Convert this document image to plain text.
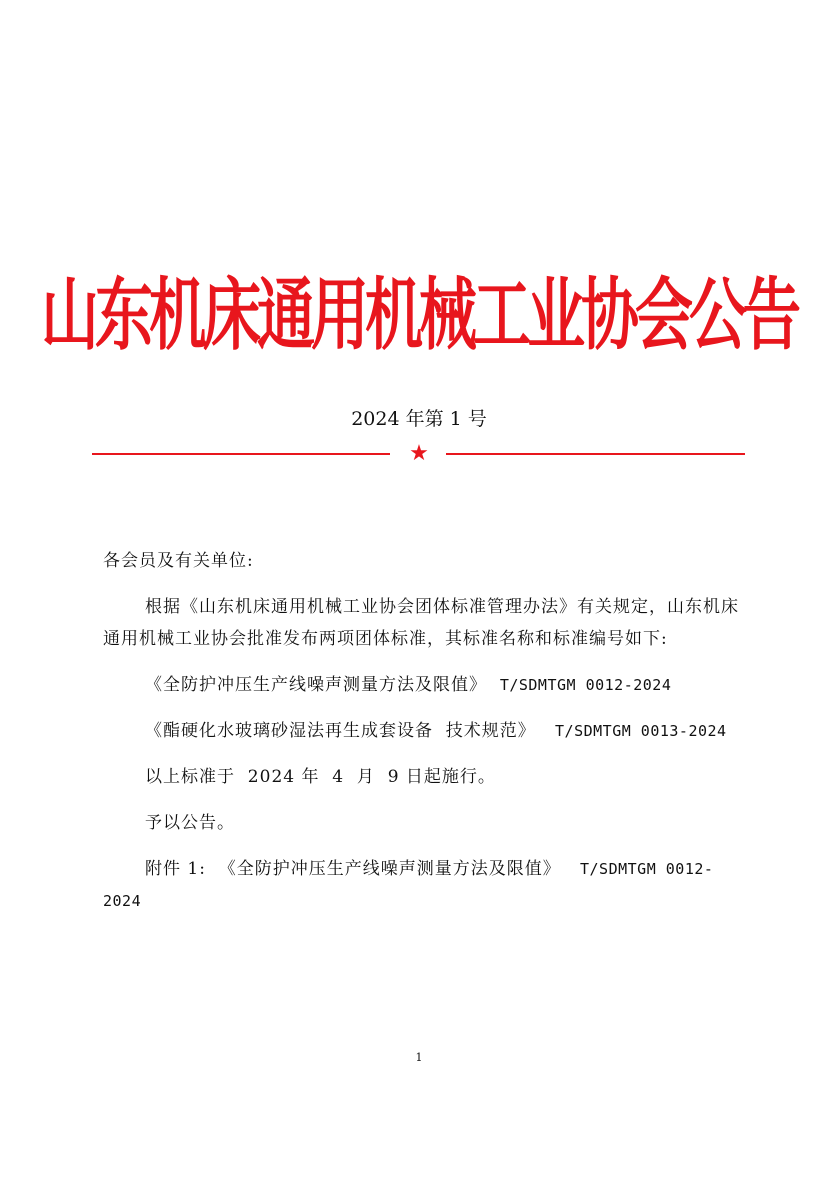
山东机床通用机械工业协会公告
2024 年第 1 号
★

各会员及有关单位:

根据《山东机床通用机械工业协会团体标准管理办法》有关规定，山东机床通用机械工业协会批准发布两项团体标准，其标准名称和标准编号如下:

《全防护冲压生产线噪声测量方法及限值》 T/SDMTGM 0012-2024

《酯硬化水玻璃砂湿法再生成套设备  技术规范》 T/SDMTGM 0013-2024

以上标准于  2024 年  4  月  9 日起施行。

予以公告。

附件 1: 《全防护冲压生产线噪声测量方法及限值》 T/SDMTGM 0012-2024

1
